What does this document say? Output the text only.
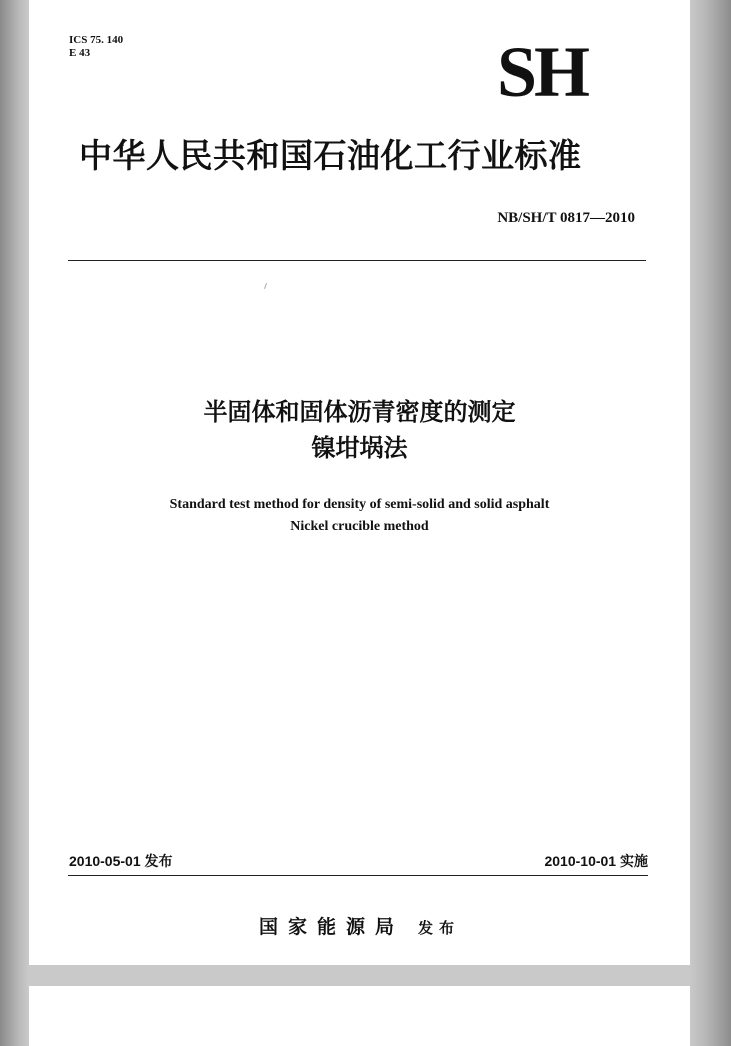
ICS 75. 140
E 43	SH
中华人民共和国石油化工行业标准
NB/SH/T 0817—2010
半固体和固体沥青密度的测定
镍坩埚法
Standard test method for density of semi-solid and solid asphalt
Nickel crucible method
2010-05-01 发布	2010-10-01 实施
国家能源局 发布
